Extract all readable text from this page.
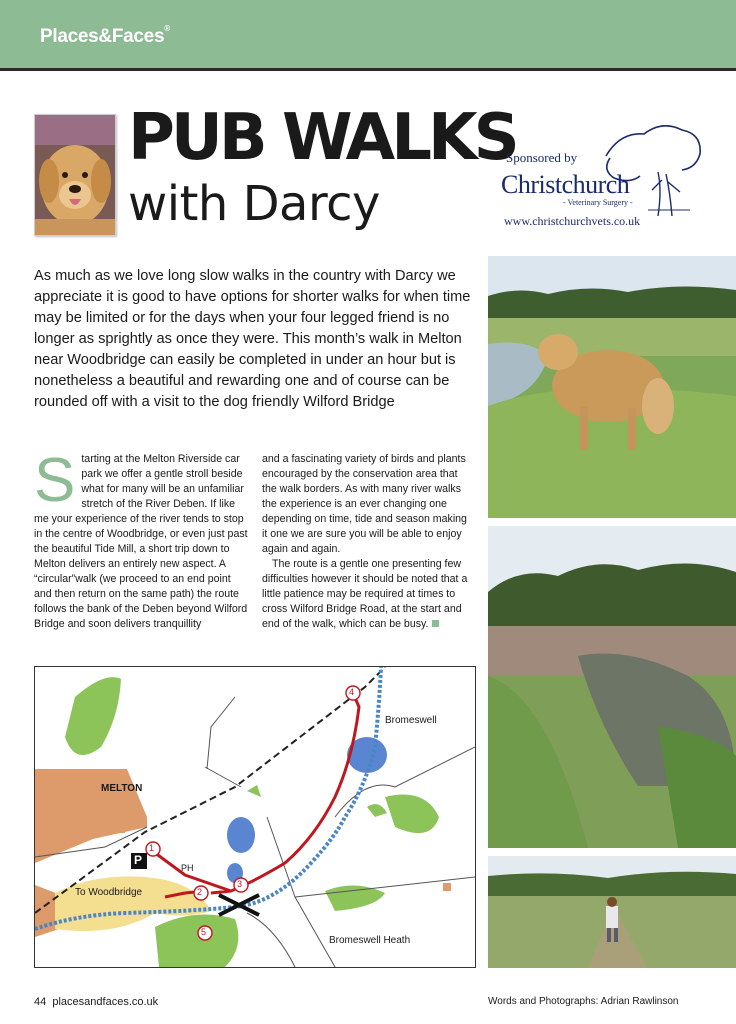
Places&Faces®
PUB WALKS
with Darcy
Sponsored by
Christchurch
- Veterinary Surgery -
www.christchurchvets.co.uk

As much as we love long slow walks in the country with Darcy we appreciate it is good to have options for shorter walks for when time may be limited or for the days when your four legged friend is no longer as sprightly as once they were. This month’s walk in Melton near Woodbridge can easily be completed in under an hour but is nonetheless a beautiful and rewarding one and of course can be rounded off with a visit to the dog friendly Wilford Bridge

Starting at the Melton Riverside car park we offer a gentle stroll beside what for many will be an unfamiliar stretch of the River Deben. If like me your experience of the river tends to stop in the centre of Woodbridge, or even just past the beautiful Tide Mill, a short trip down to Melton delivers an entirely new aspect. A “circular”walk (we proceed to an end point and then return on the same path) the route follows the bank of the Deben beyond Wilford Bridge and soon delivers tranquillity

and a fascinating variety of birds and plants encouraged by the conservation area that the walk borders. As with many river walks the experience is an ever changing one depending on time, tide and season making it one we are sure you will be able to enjoy again and again.
The route is a gentle one presenting few difficulties however it should be noted that a little patience may be required at times to cross Wilford Bridge Road, at the start and end of the walk, which can be busy.
1
2
3
4
5
P
MELTON
Bromeswell
To Woodbridge
PH
Bromeswell Heath
44 placesandfaces.co.uk	Words and Photographs: Adrian Rawlinson
